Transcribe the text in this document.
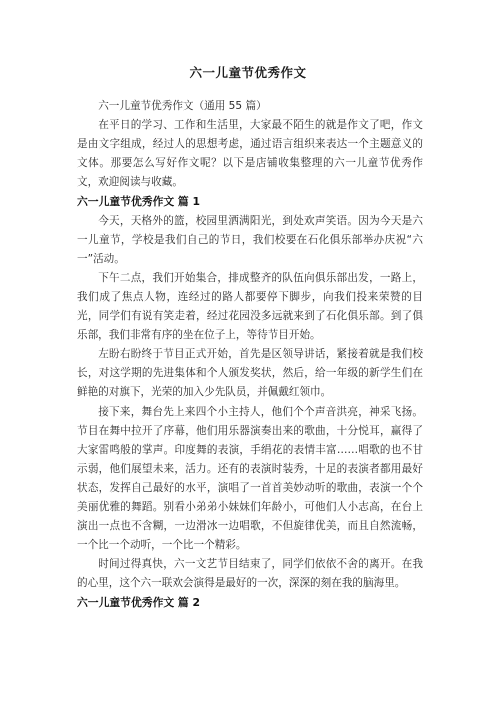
六一儿童节优秀作文

六一儿童节优秀作文（通用 55 篇）

在平日的学习、工作和生活里，大家最不陌生的就是作文了吧，作文是由文字组成，经过人的思想考虑，通过语言组织来表达一个主题意义的文体。那要怎么写好作文呢？以下是店铺收集整理的六一儿童节优秀作文，欢迎阅读与收藏。

六一儿童节优秀作文 篇 1

今天，天格外的篮，校园里洒满阳光，到处欢声笑语。因为今天是六一儿童节，学校是我们自己的节日，我们校要在石化俱乐部举办庆祝“六一”活动。

下午二点，我们开始集合，排成整齐的队伍向俱乐部出发，一路上，我们成了焦点人物，连经过的路人都要停下脚步，向我们投来荣赞的目光，同学们有说有笑走着，经过花园没多远就来到了石化俱乐部。到了俱乐部，我们非常有序的坐在位子上，等待节目开始。

左盼右盼终于节目正式开始，首先是区领导讲话，紧接着就是我们校长，对这学期的先进集体和个人颁发奖状，然后，给一年级的新学生们在鲜艳的对旗下，光荣的加入少先队员，并佩戴红领巾。

接下来，舞台先上来四个小主持人，他们个个声音洪亮，神采飞扬。节目在舞中拉开了序幕，他们用乐器演奏出来的歌曲，十分悦耳，赢得了大家雷鸣般的掌声。印度舞的表演，手绢花的表情丰富……唱歌的也不甘示弱，他们展望未来，活力。还有的表演时装秀，十足的表演者都用最好状态，发挥自己最好的水平，演唱了一首首美妙动听的歌曲，表演一个个美丽优雅的舞蹈。别看小弟弟小妹妹们年龄小，可他们人小志高，在台上演出一点也不含糊，一边滑冰一边唱歌，不但旋律优美，而且自然流畅，一个比一个动听，一个比一个精彩。

时间过得真快，六一文艺节目结束了，同学们依依不舍的离开。在我的心里，这个六一联欢会演得是最好的一次，深深的刻在我的脑海里。

六一儿童节优秀作文 篇 2
